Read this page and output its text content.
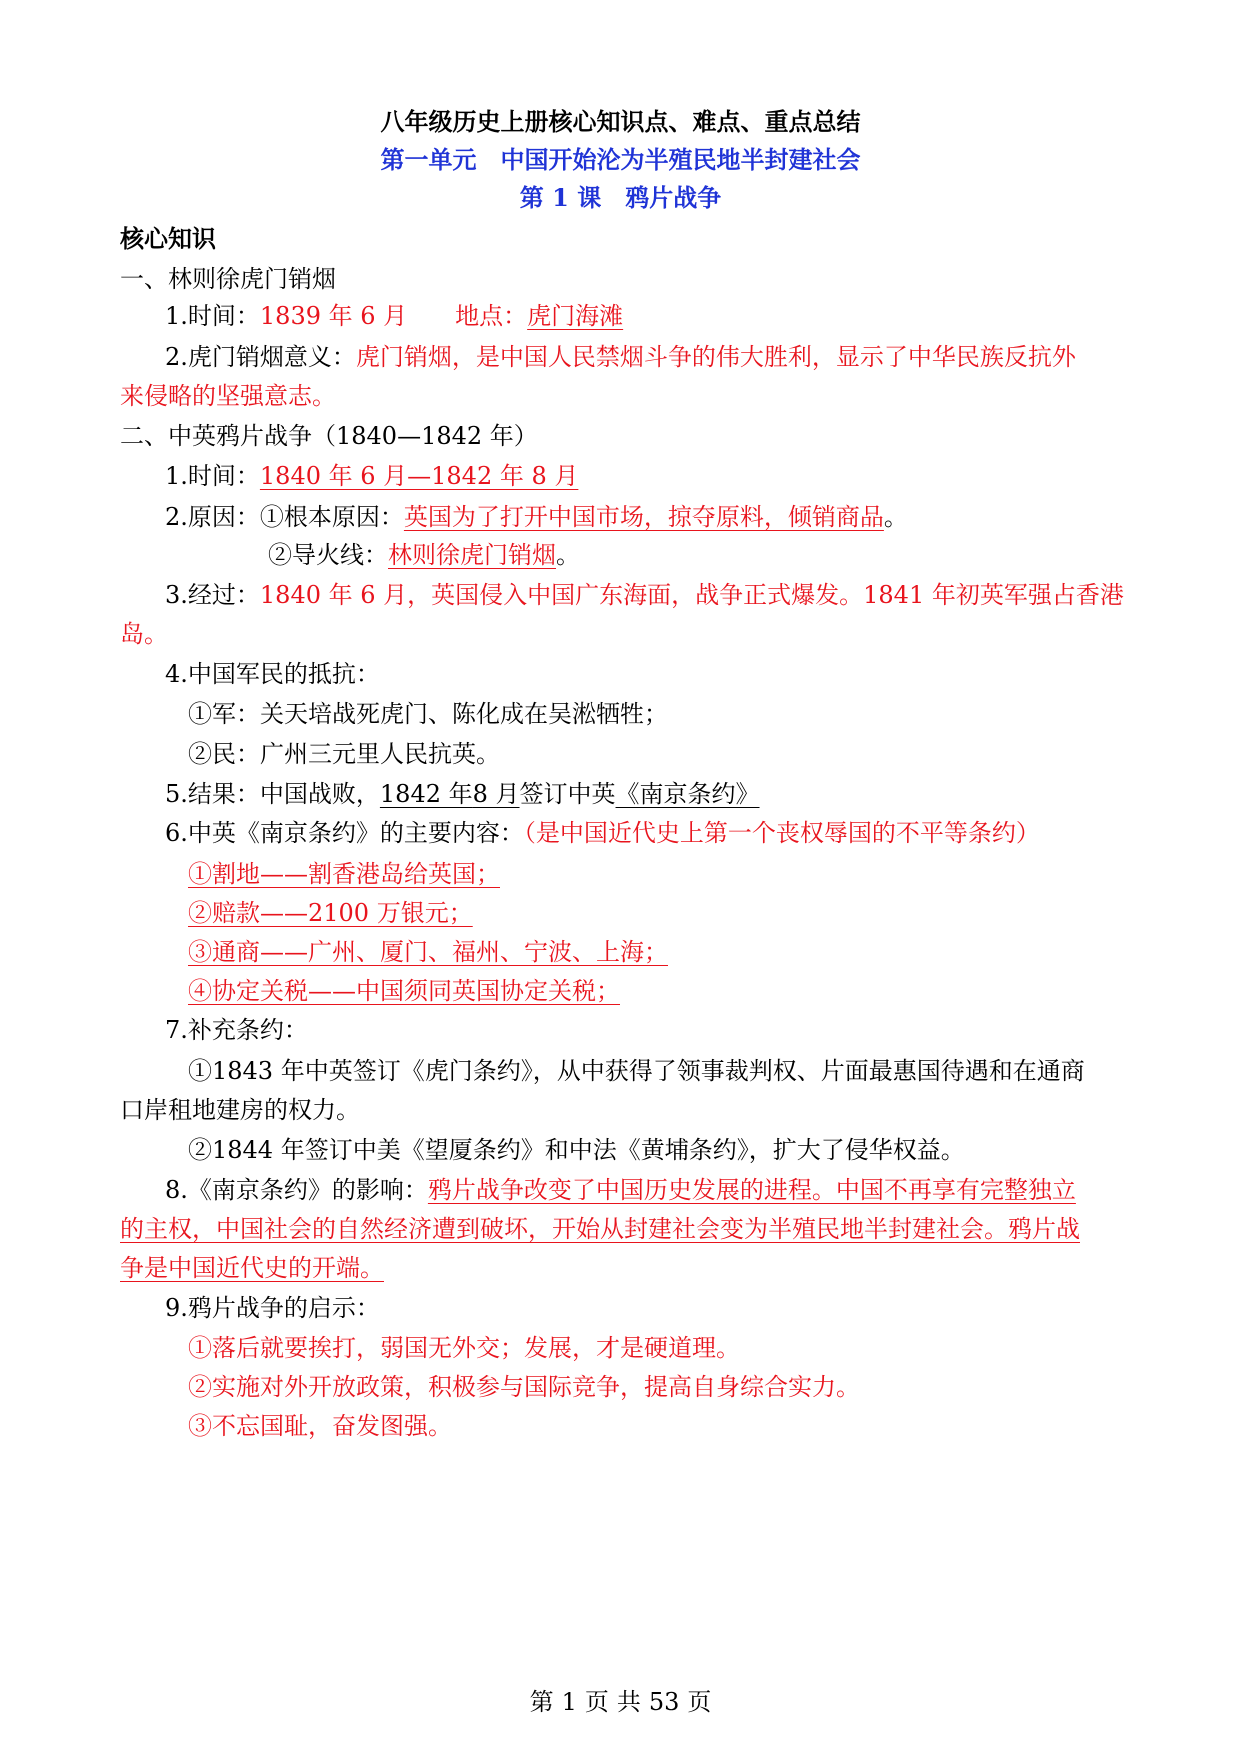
八年级历史上册核心知识点、难点、重点总结
第一单元　中国开始沦为半殖民地半封建社会
第 1 课　鸦片战争
核心知识
一、林则徐虎门销烟
1.时间：1839 年 6 月 地点：虎门海滩
2.虎门销烟意义：虎门销烟，是中国人民禁烟斗争的伟大胜利，显示了中华民族反抗外
来侵略的坚强意志。
二、中英鸦片战争（1840—1842 年）
1.时间：1840 年 6 月—1842 年 8 月
2.原因：①根本原因：英国为了打开中国市场，掠夺原料，倾销商品。
②导火线：林则徐虎门销烟。
3.经过：1840 年 6 月，英国侵入中国广东海面，战争正式爆发。1841 年初英军强占香港
岛。
4.中国军民的抵抗：
①军：关天培战死虎门、陈化成在吴淞牺牲；
②民：广州三元里人民抗英。
5.结果：中国战败，1842 年8 月签订中英《南京条约》
6.中英《南京条约》的主要内容：（是中国近代史上第一个丧权辱国的不平等条约）
①割地——割香港岛给英国；
②赔款——2100 万银元；
③通商——广州、厦门、福州、宁波、上海；
④协定关税——中国须同英国协定关税；
7.补充条约：
①1843 年中英签订《虎门条约》，从中获得了领事裁判权、片面最惠国待遇和在通商
口岸租地建房的权力。
②1844 年签订中美《望厦条约》和中法《黄埔条约》，扩大了侵华权益。
8.《南京条约》的影响：鸦片战争改变了中国历史发展的进程。中国不再享有完整独立
的主权，中国社会的自然经济遭到破坏，开始从封建社会变为半殖民地半封建社会。鸦片战
争是中国近代史的开端。
9.鸦片战争的启示：
①落后就要挨打，弱国无外交；发展，才是硬道理。
②实施对外开放政策，积极参与国际竞争，提高自身综合实力。
③不忘国耻，奋发图强。
第 1 页 共 53 页
